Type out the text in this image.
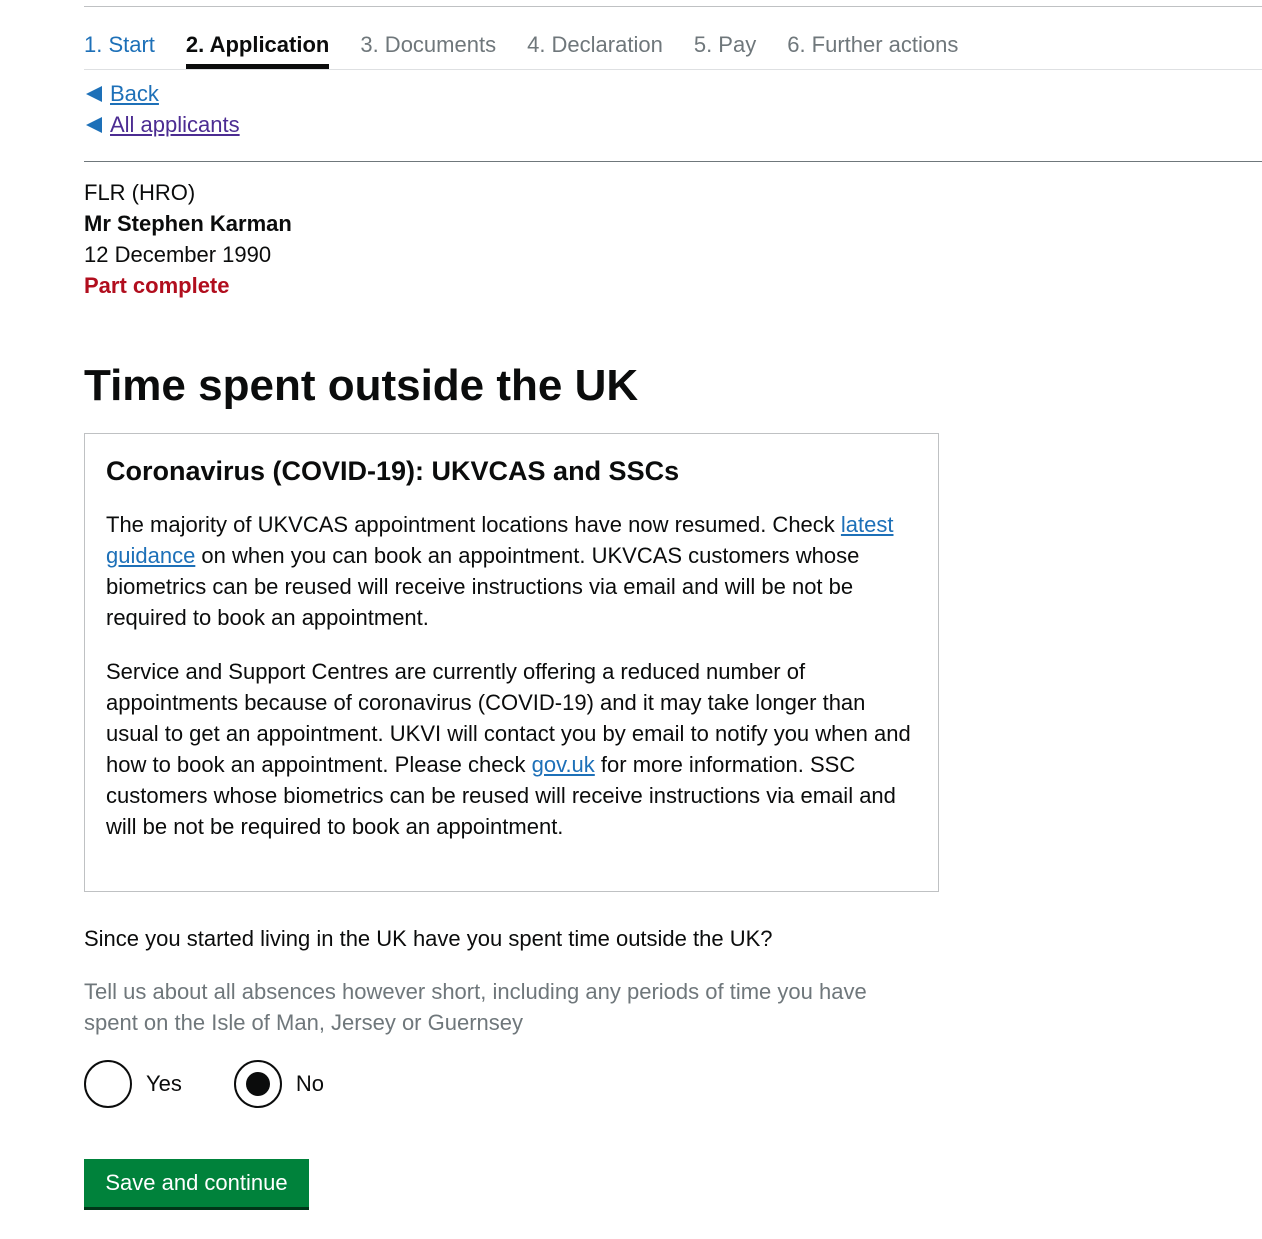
1. Start 2. Application 3. Documents 4. Declaration 5. Pay 6. Further actions
Back
All applicants
FLR (HRO)
Mr Stephen Karman
12 December 1990
Part complete
Time spent outside the UK
Coronavirus (COVID-19): UKVCAS and SSCs

The majority of UKVCAS appointment locations have now resumed. Check latest guidance on when you can book an appointment. UKVCAS customers whose biometrics can be reused will receive instructions via email and will be not be required to book an appointment.

Service and Support Centres are currently offering a reduced number of appointments because of coronavirus (COVID-19) and it may take longer than usual to get an appointment. UKVI will contact you by email to notify you when and how to book an appointment. Please check gov.uk for more information. SSC customers whose biometrics can be reused will receive instructions via email and will be not be required to book an appointment.

Since you started living in the UK have you spent time outside the UK?
Tell us about all absences however short, including any periods of time you have spent on the Isle of Man, Jersey or Guernsey
Yes	No
Save and continue
